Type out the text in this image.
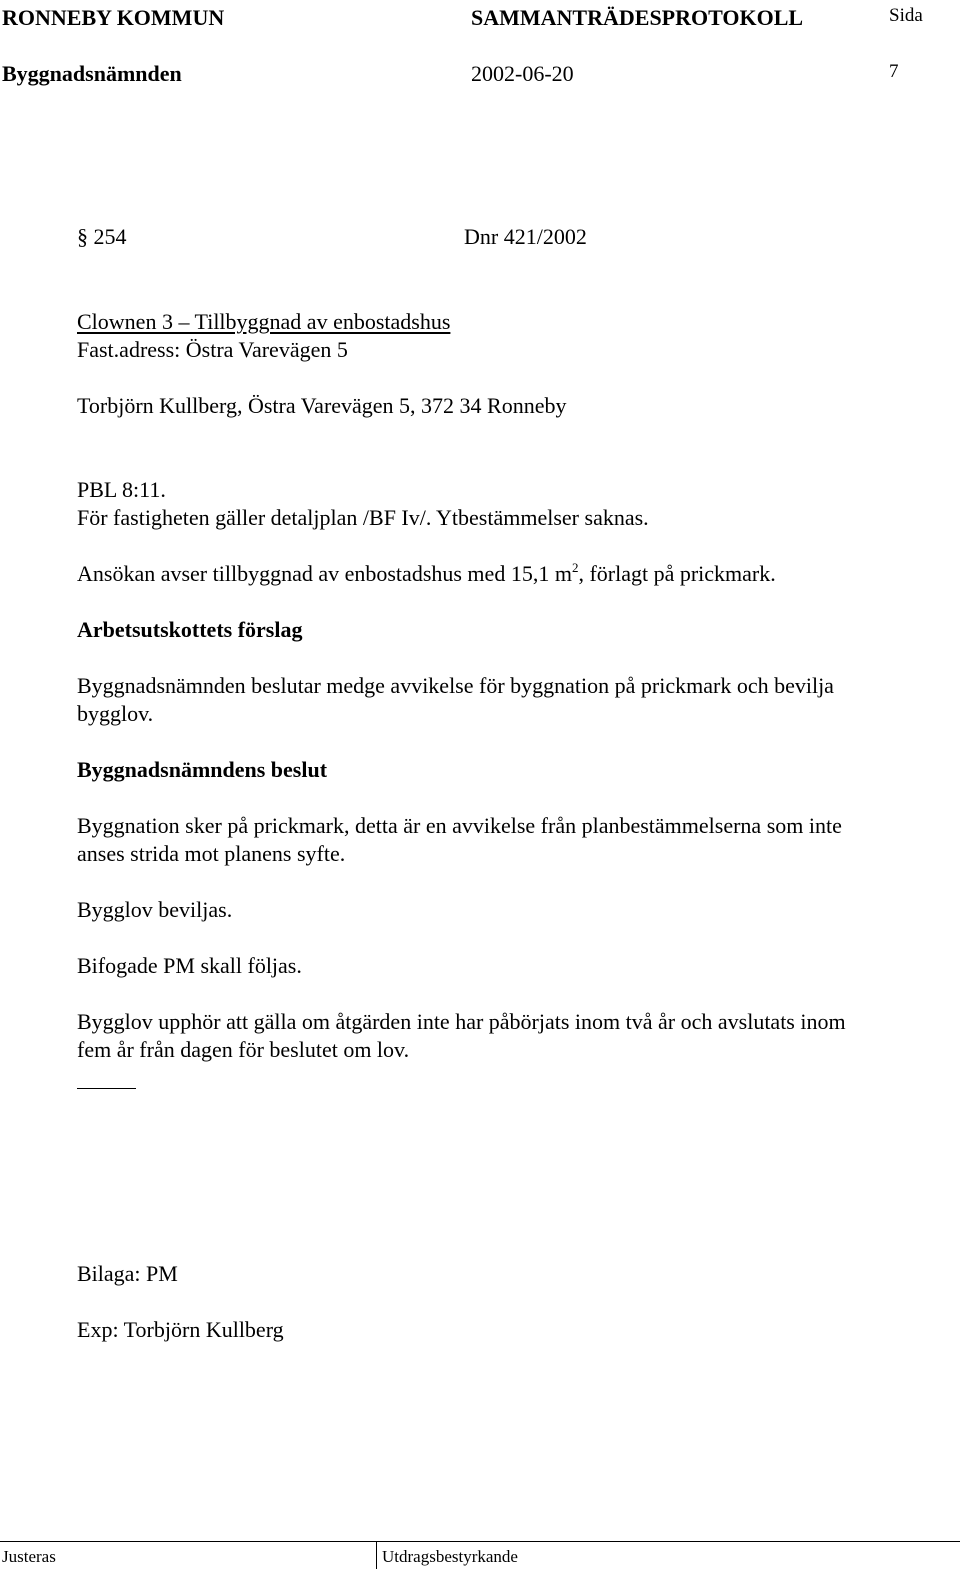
RONNEBY KOMMUN	SAMMANTRÄDESPROTOKOLL	Sida
Byggnadsnämnden	2002-06-20	7
§ 254	Dnr 421/2002
Clownen 3 – Tillbyggnad av enbostadshus
Fast.adress: Östra Varevägen 5
Torbjörn Kullberg, Östra Varevägen 5, 372 34 Ronneby
PBL 8:11.
För fastigheten gäller detaljplan /BF Iv/. Ytbestämmelser saknas.
Ansökan avser tillbyggnad av enbostadshus med 15,1 $m^2$, förlagt på prickmark.
Arbetsutskottets förslag
Byggnadsnämnden beslutar medge avvikelse för byggnation på prickmark och bevilja
bygglov.
Byggnadsnämndens beslut
Byggnation sker på prickmark, detta är en avvikelse från planbestämmelserna som inte
anses strida mot planens syfte.
Bygglov beviljas.
Bifogade PM skall följas.
Bygglov upphör att gälla om åtgärden inte har påbörjats inom två år och avslutats inom
fem år från dagen för beslutet om lov.
Bilaga: PM
Exp: Torbjörn Kullberg
Justeras	Utdragsbestyrkande
